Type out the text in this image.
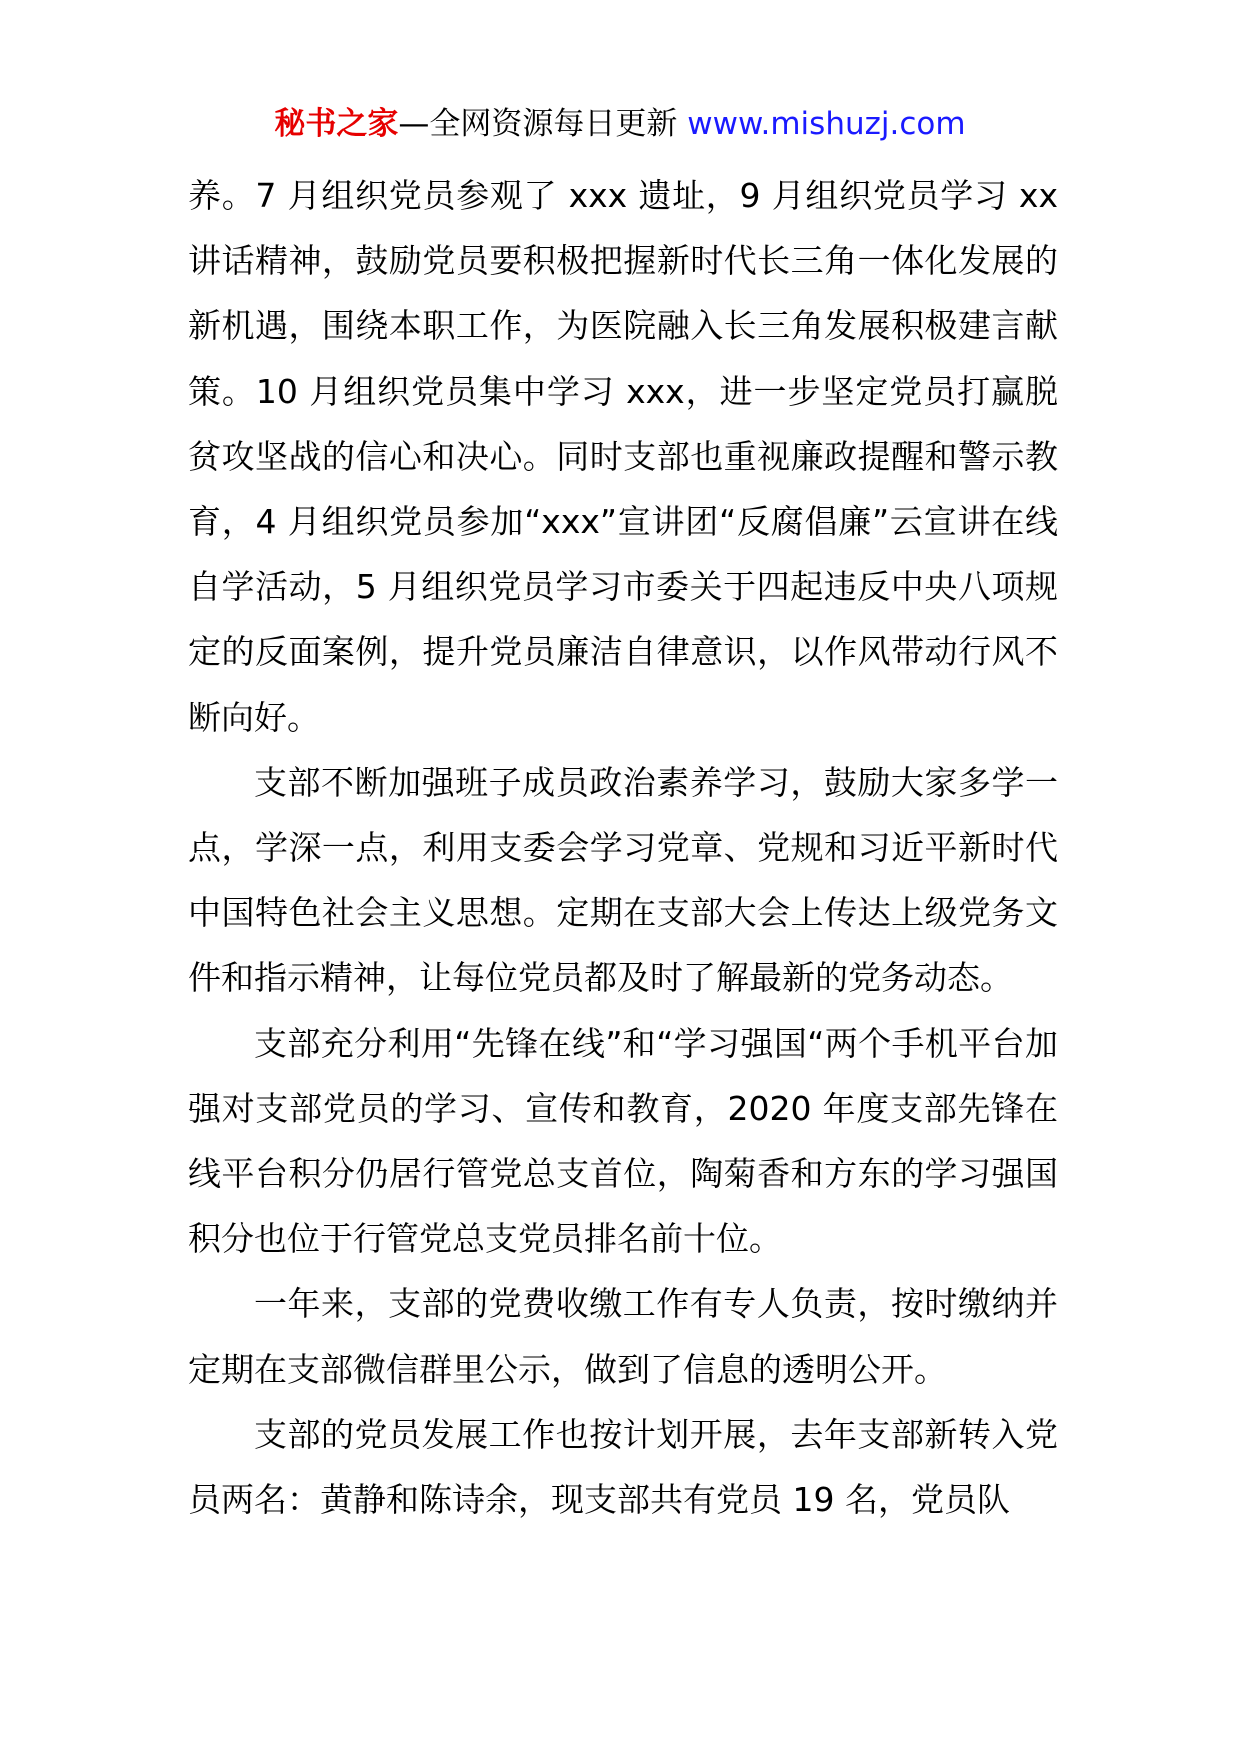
秘书之家—全网资源每日更新 www.mishuzj.com

养。7 月组织党员参观了 xxx 遗址，9 月组织党员学习 xx 讲话精神，鼓励党员要积极把握新时代长三角一体化发展的新机遇，围绕本职工作，为医院融入长三角发展积极建言献策。10 月组织党员集中学习 xxx，进一步坚定党员打赢脱贫攻坚战的信心和决心。同时支部也重视廉政提醒和警示教育，4 月组织党员参加“xxx”宣讲团“反腐倡廉”云宣讲在线自学活动，5 月组织党员学习市委关于四起违反中央八项规定的反面案例，提升党员廉洁自律意识，以作风带动行风不断向好。

支部不断加强班子成员政治素养学习，鼓励大家多学一点，学深一点，利用支委会学习党章、党规和习近平新时代中国特色社会主义思想。定期在支部大会上传达上级党务文件和指示精神，让每位党员都及时了解最新的党务动态。

支部充分利用“先锋在线”和“学习强国“两个手机平台加强对支部党员的学习、宣传和教育，2020 年度支部先锋在线平台积分仍居行管党总支首位，陶菊香和方东的学习强国积分也位于行管党总支党员排名前十位。

一年来，支部的党费收缴工作有专人负责，按时缴纳并定期在支部微信群里公示，做到了信息的透明公开。

支部的党员发展工作也按计划开展，去年支部新转入党员两名：黄静和陈诗余，现支部共有党员 19 名，党员队
